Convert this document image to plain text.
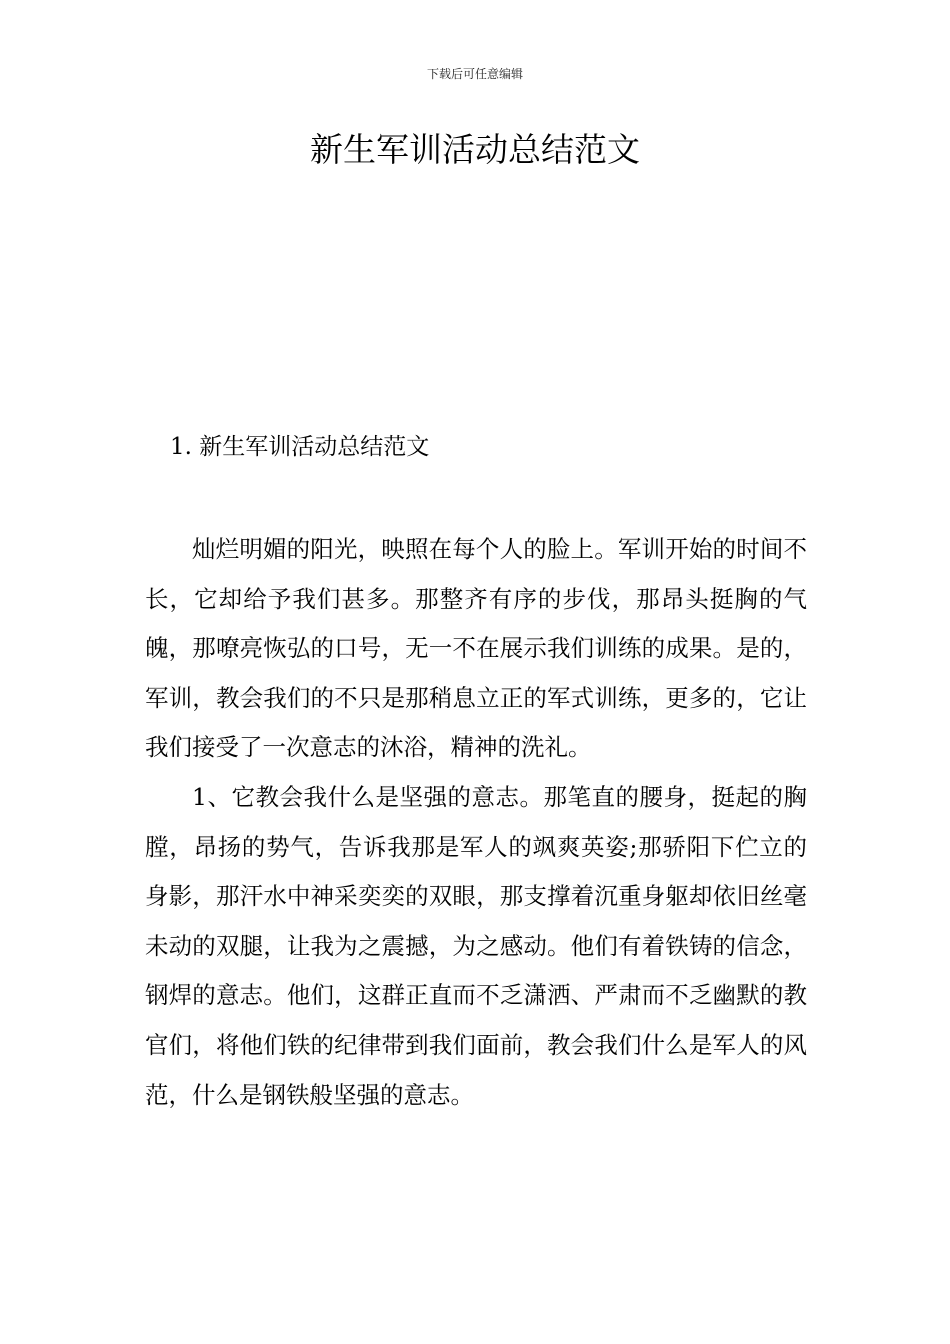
下载后可任意编辑
新生军训活动总结范文
1. 新生军训活动总结范文

灿烂明媚的阳光，映照在每个人的脸上。军训开始的时间不长，它却给予我们甚多。那整齐有序的步伐，那昂头挺胸的气魄，那嘹亮恢弘的口号，无一不在展示我们训练的成果。是的，军训，教会我们的不只是那稍息立正的军式训练，更多的，它让我们接受了一次意志的沐浴，精神的洗礼。

1、它教会我什么是坚强的意志。那笔直的腰身，挺起的胸膛，昂扬的势气，告诉我那是军人的飒爽英姿;那骄阳下伫立的身影，那汗水中神采奕奕的双眼，那支撑着沉重身躯却依旧丝毫未动的双腿，让我为之震撼，为之感动。他们有着铁铸的信念，钢焊的意志。他们，这群正直而不乏潇洒、严肃而不乏幽默的教官们，将他们铁的纪律带到我们面前，教会我们什么是军人的风范，什么是钢铁般坚强的意志。
